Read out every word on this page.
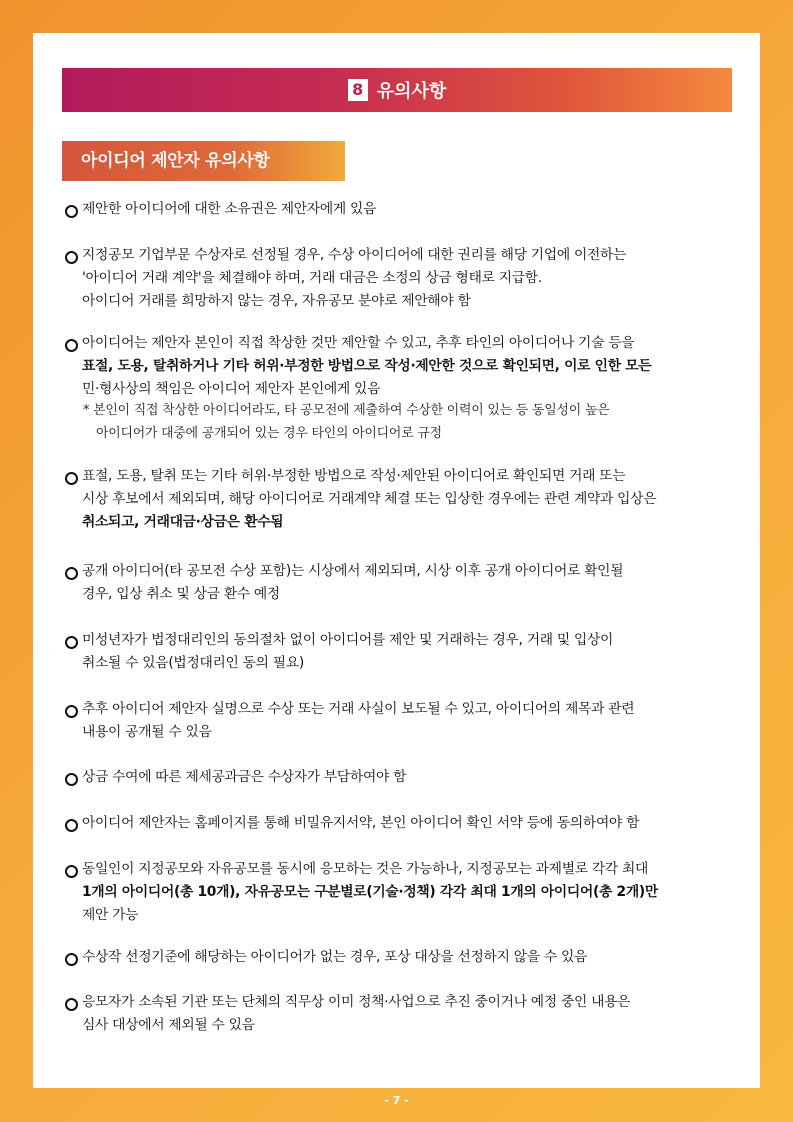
8 유의사항
아이디어 제안자 유의사항
제안한 아이디어에 대한 소유권은 제안자에게 있음
지정공모 기업부문 수상자로 선정될 경우, 수상 아이디어에 대한 권리를 해당 기업에 이전하는
'아이디어 거래 계약'을 체결해야 하며, 거래 대금은 소정의 상금 형태로 지급함.
아이디어 거래를 희망하지 않는 경우, 자유공모 분야로 제안해야 함
아이디어는 제안자 본인이 직접 착상한 것만 제안할 수 있고, 추후 타인의 아이디어나 기술 등을
표절, 도용, 탈취하거나 기타 허위·부정한 방법으로 작성·제안한 것으로 확인되면, 이로 인한 모든
민·형사상의 책임은 아이디어 제안자 본인에게 있음
* 본인이 직접 착상한 아이디어라도, 타 공모전에 제출하여 수상한 이력이 있는 등 동일성이 높은
아이디어가 대중에 공개되어 있는 경우 타인의 아이디어로 규정
표절, 도용, 탈취 또는 기타 허위·부정한 방법으로 작성·제안된 아이디어로 확인되면 거래 또는
시상 후보에서 제외되며, 해당 아이디어로 거래계약 체결 또는 입상한 경우에는 관련 계약과 입상은
취소되고, 거래대금·상금은 환수됨
공개 아이디어(타 공모전 수상 포함)는 시상에서 제외되며, 시상 이후 공개 아이디어로 확인될
경우, 입상 취소 및 상금 환수 예정
미성년자가 법정대리인의 동의절차 없이 아이디어를 제안 및 거래하는 경우, 거래 및 입상이
취소될 수 있음(법정대리인 동의 필요)
추후 아이디어 제안자 실명으로 수상 또는 거래 사실이 보도될 수 있고, 아이디어의 제목과 관련
내용이 공개될 수 있음
상금 수여에 따른 제세공과금은 수상자가 부담하여야 함
아이디어 제안자는 홈페이지를 통해 비밀유지서약, 본인 아이디어 확인 서약 등에 동의하여야 함
동일인이 지정공모와 자유공모를 동시에 응모하는 것은 가능하나, 지정공모는 과제별로 각각 최대
1개의 아이디어(총 10개), 자유공모는 구분별로(기술·정책) 각각 최대 1개의 아이디어(총 2개)만
제안 가능
수상작 선정기준에 해당하는 아이디어가 없는 경우, 포상 대상을 선정하지 않을 수 있음
응모자가 소속된 기관 또는 단체의 직무상 이미 정책·사업으로 추진 중이거나 예정 중인 내용은
심사 대상에서 제외될 수 있음
- 7 -
